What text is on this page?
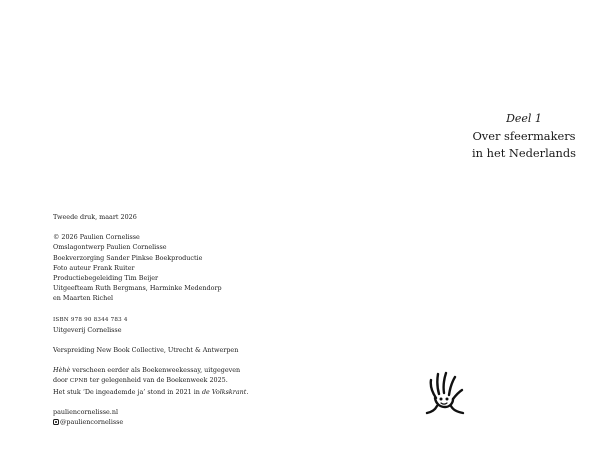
Tweede druk, maart 2026
© 2026 Paulien Cornelisse
Omslagontwerp Paulien Cornelisse
Boekverzorging Sander Pinkse Boekproductie
Foto auteur Frank Ruiter
Productiebegeleiding Tim Beijer
Uitgeefteam Ruth Bergmans, Harminke Medendorp
en Maarten Richel
ISBN 978 90 8344 783 4
Uitgeverij Cornelisse
Verspreiding New Book Collective, Utrecht & Antwerpen
Hèhè verscheen eerder als Boekenweekessay, uitgegeven
door CPNB ter gelegenheid van de Boekenweek 2025.
Het stuk ‘De ingeademde ja’ stond in 2021 in de Volkskrant.
pauliencornelisse.nl
@pauliencornelisse
Deel 1
Over sfeermakers
in het Nederlands
